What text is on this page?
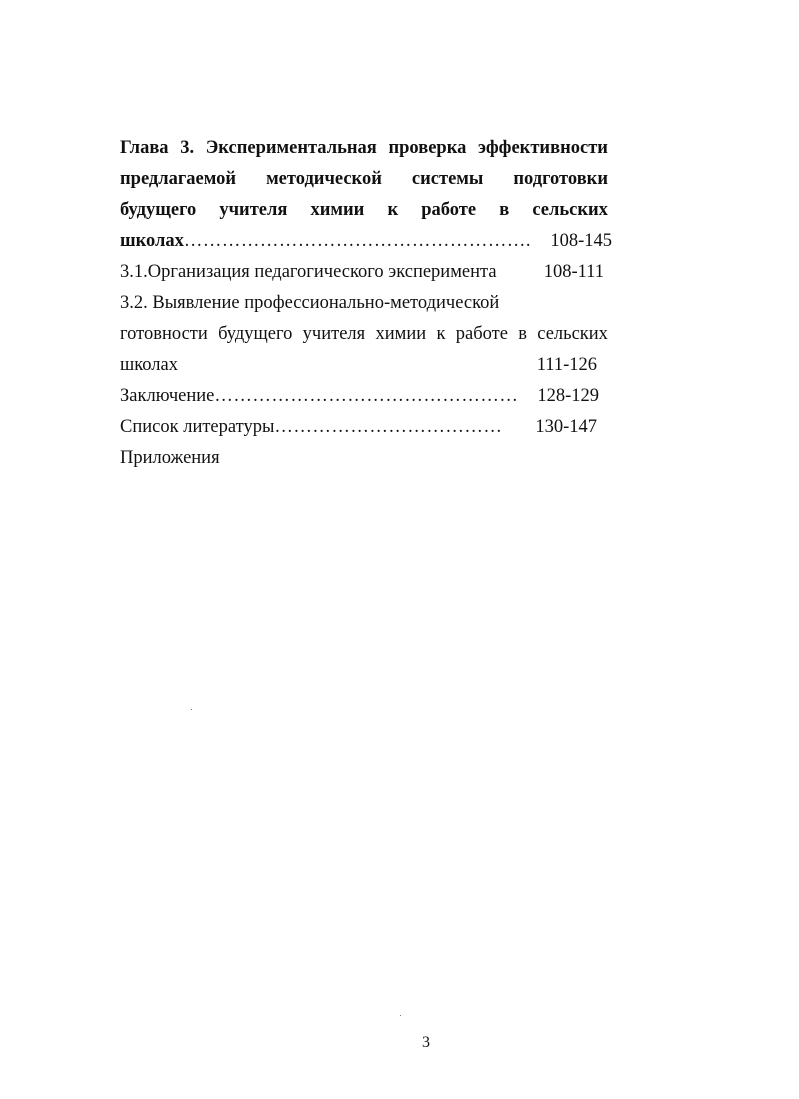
Глава 3. Экспериментальная проверка эффективности
предлагаемой методической системы подготовки
будущего учителя химии к работе в сельских
школах ………………………………………………. 108-145
3.1.Организация педагогического эксперимента	108-111
3.2. Выявление профессионально-методической
готовности будущего учителя химии к работе в сельских
школах	111-126
Заключение ………………………………………… 128-129
Список литературы ……………………………… 130-147
Приложения
3
